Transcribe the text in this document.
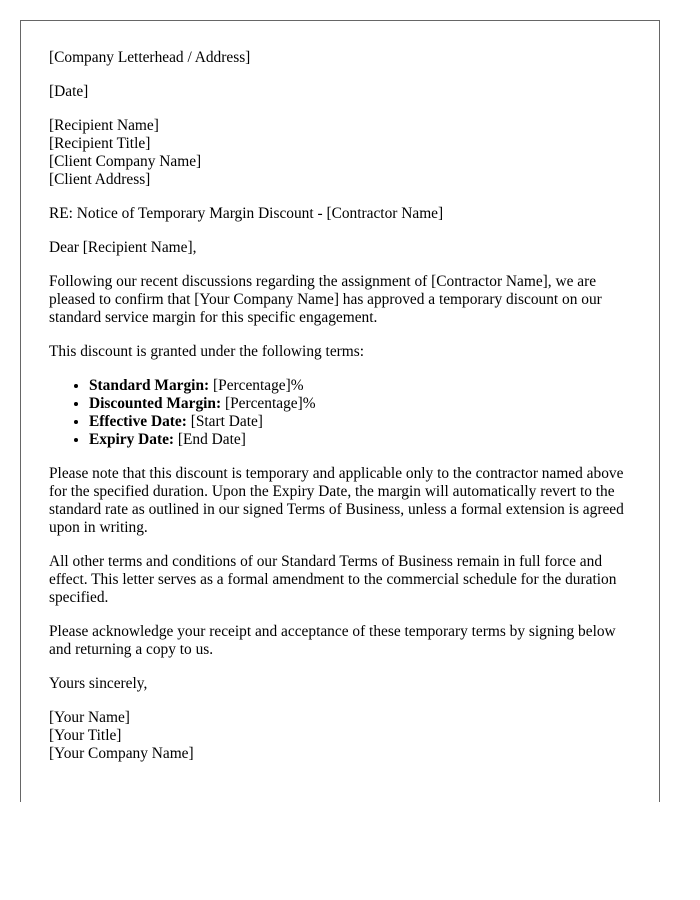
[Company Letterhead / Address]

[Date]

[Recipient Name]
[Recipient Title]
[Client Company Name]
[Client Address]

RE: Notice of Temporary Margin Discount - [Contractor Name]

Dear [Recipient Name],

Following our recent discussions regarding the assignment of [Contractor Name], we are pleased to confirm that [Your Company Name] has approved a temporary discount on our standard service margin for this specific engagement.

This discount is granted under the following terms:

• Standard Margin: [Percentage]%
• Discounted Margin: [Percentage]%
• Effective Date: [Start Date]
• Expiry Date: [End Date]

Please note that this discount is temporary and applicable only to the contractor named above for the specified duration. Upon the Expiry Date, the margin will automatically revert to the standard rate as outlined in our signed Terms of Business, unless a formal extension is agreed upon in writing.

All other terms and conditions of our Standard Terms of Business remain in full force and effect. This letter serves as a formal amendment to the commercial schedule for the duration specified.

Please acknowledge your receipt and acceptance of these temporary terms by signing below and returning a copy to us.

Yours sincerely,

[Your Name]
[Your Title]
[Your Company Name]
